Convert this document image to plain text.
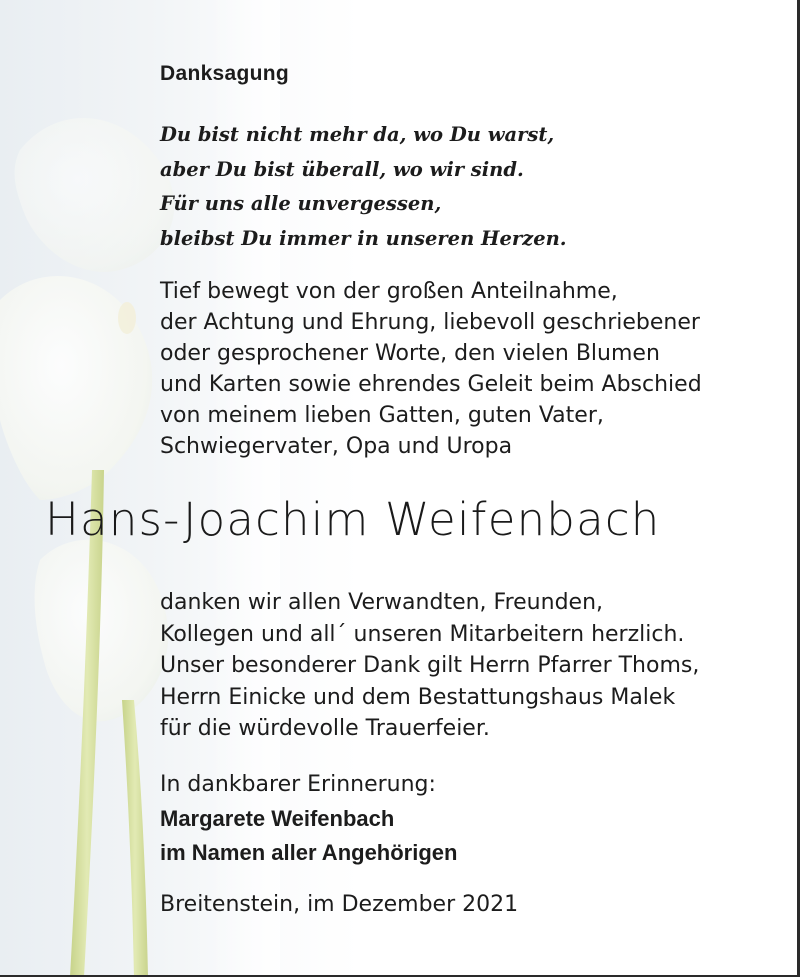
Danksagung

Du bist nicht mehr da, wo Du warst,
aber Du bist überall, wo wir sind.
Für uns alle unvergessen,
bleibst Du immer in unseren Herzen.

Tief bewegt von der großen Anteilnahme,
der Achtung und Ehrung, liebevoll geschriebener
oder gesprochener Worte, den vielen Blumen
und Karten sowie ehrendes Geleit beim Abschied
von meinem lieben Gatten, guten Vater,
Schwiegervater, Opa und Uropa

Hans-Joachim Weifenbach

danken wir allen Verwandten, Freunden,
Kollegen und all´ unseren Mitarbeitern herzlich.
Unser besonderer Dank gilt Herrn Pfarrer Thoms,
Herrn Einicke und dem Bestattungshaus Malek
für die würdevolle Trauerfeier.

In dankbarer Erinnerung:
Margarete Weifenbach
im Namen aller Angehörigen

Breitenstein, im Dezember 2021
